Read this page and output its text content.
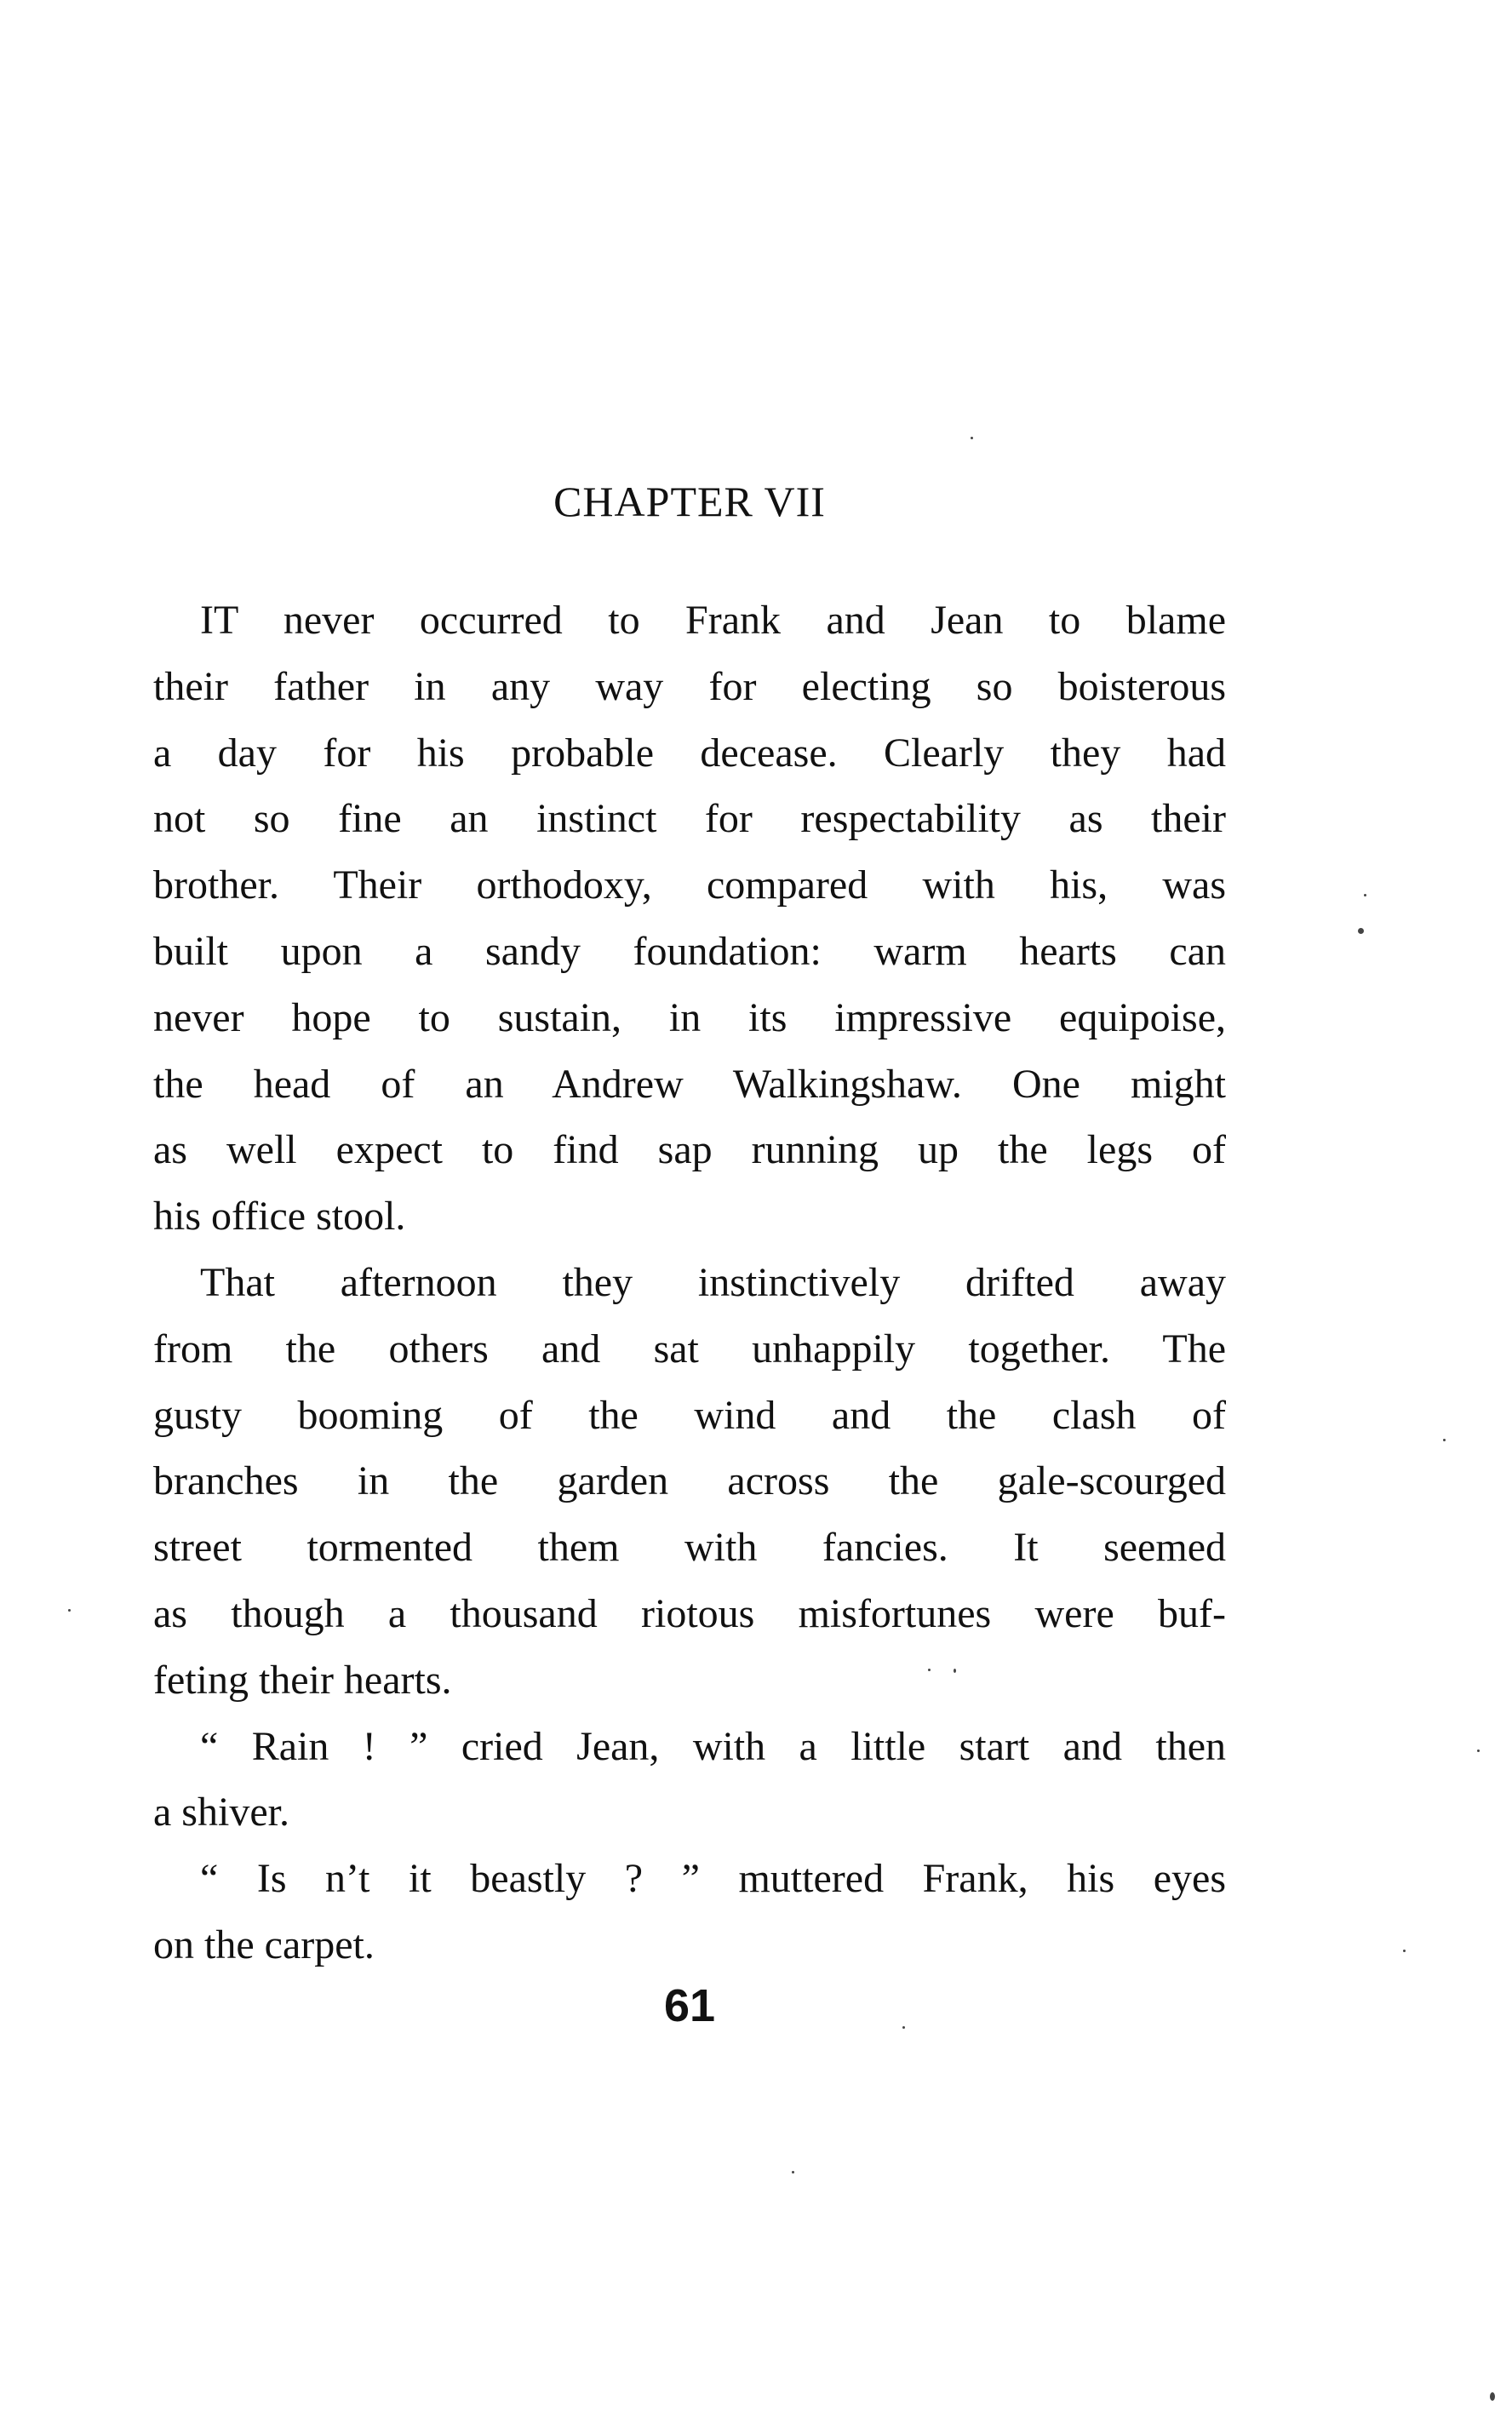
CHAPTER VII
IT never occurred to Frank and Jean to blame
their father in any way for electing so boisterous
a day for his probable decease. Clearly they had
not so fine an instinct for respectability as their
brother. Their orthodoxy, compared with his, was
built upon a sandy foundation: warm hearts can
never hope to sustain, in its impressive equipoise,
the head of an Andrew Walkingshaw. One might
as well expect to find sap running up the legs of
his office stool.
That afternoon they instinctively drifted away
from the others and sat unhappily together. The
gusty booming of the wind and the clash of
branches in the garden across the gale-scourged
street tormented them with fancies. It seemed
as though a thousand riotous misfortunes were buf-
feting their hearts.
“ Rain ! ” cried Jean, with a little start and then
a shiver.
“ Is n’t it beastly ? ” muttered Frank, his eyes
on the carpet.
61
